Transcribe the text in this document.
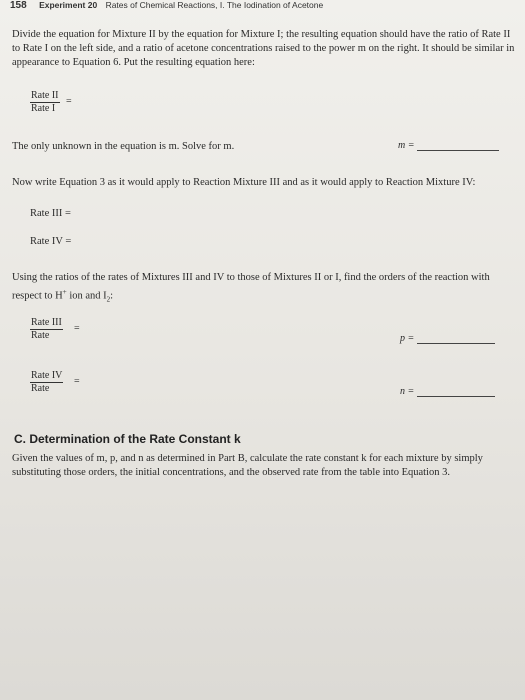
158 Experiment 20 Rates of Chemical Reactions, I. The Iodination of Acetone
Divide the equation for Mixture II by the equation for Mixture I; the resulting equation should have the ratio of Rate II to Rate I on the left side, and a ratio of acetone concentrations raised to the power m on the right. It should be similar in appearance to Equation 6. Put the resulting equation here:
Rate II
Rate I
=
The only unknown in the equation is m. Solve for m.	m =
Now write Equation 3 as it would apply to Reaction Mixture III and as it would apply to Reaction Mixture IV:
Rate III =
Rate IV =
Using the ratios of the rates of Mixtures III and IV to those of Mixtures II or I, find the orders of the reaction with respect to H+ ion and $I_2$:
Rate III
Rate
=
p =
Rate IV
Rate
=
n =
C. Determination of the Rate Constant k
Given the values of m, p, and n as determined in Part B, calculate the rate constant k for each mixture by simply substituting those orders, the initial concentrations, and the observed rate from the table into Equation 3.
